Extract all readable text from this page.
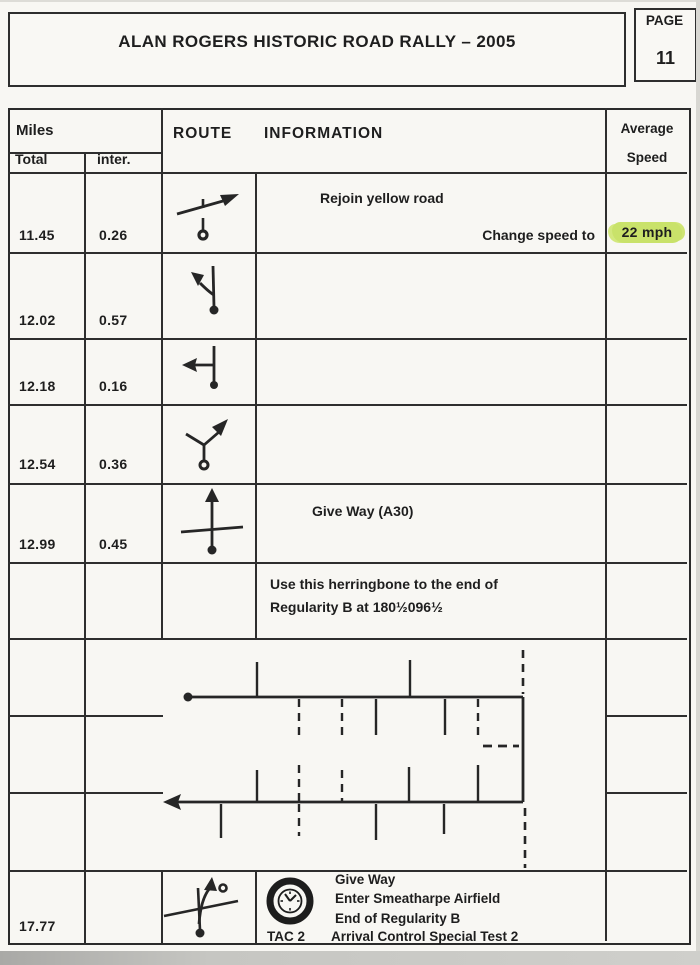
ALAN ROGERS HISTORIC ROAD RALLY – 2005
PAGE
11
Miles
Total	inter.
ROUTE INFORMATION	Average
Speed
11.45	0.26
Rejoin yellow road
Change speed to	22 mph
12.02	0.57
12.18	0.16
12.54	0.36
12.99	0.45
Give Way (A30)
Use this herringbone to the end of
Regularity B at 180½096½
17.77
Give Way
Enter Smeatharpe Airfield
End of Regularity B
TAC 2 Arrival Control Special Test 2
